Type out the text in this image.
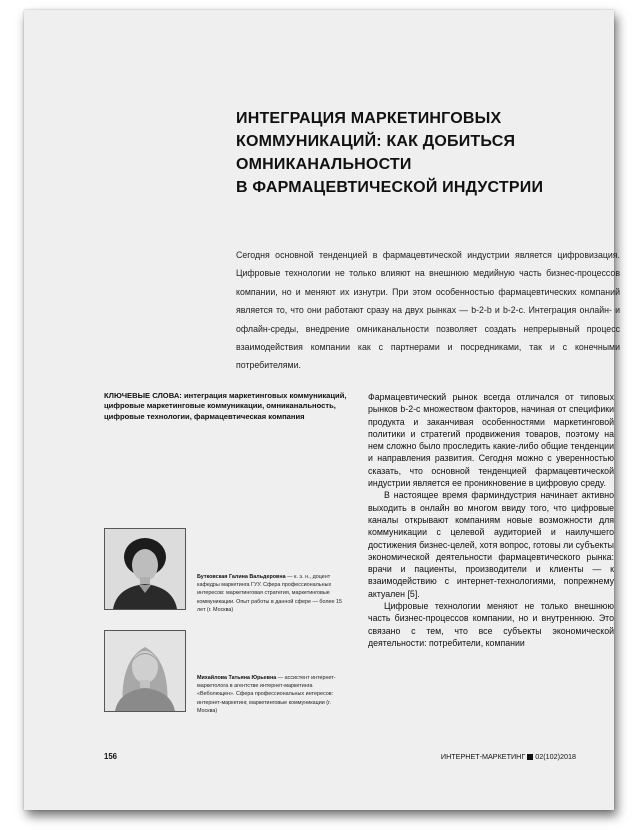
ИНТЕГРАЦИЯ МАРКЕТИНГОВЫХ
КОММУНИКАЦИЙ: КАК ДОБИТЬСЯ
ОМНИКАНАЛЬНОСТИ
В ФАРМАЦЕВТИЧЕСКОЙ ИНДУСТРИИ
Сегодня основной тенденцией в фармацевтической индустрии является цифровизация. Цифровые технологии не только влияют на внешнюю медийную часть бизнес-процессов компании, но и меняют их изнутри. При этом особенностью фармацевтических компаний является то, что они работают сразу на двух рынках — b-2-b и b-2-c. Интеграция онлайн- и офлайн-среды, внедрение омниканальности позволяет создать непрерывный процесс взаимодействия компании как с партнерами и посредниками, так и с конечными потребителями.
КЛЮЧЕВЫЕ СЛОВА: интеграция маркетинговых коммуникаций, цифровые маркетинговые коммуникации, омниканальность, цифровые технологии, фармацевтическая компания

Фармацевтический рынок всегда отличался от типовых рынков b-2-c множеством факторов, начиная от специфики продукта и заканчивая особенностями маркетинговой политики и стратегий продвижения товаров, поэтому на нем сложно было проследить какие-либо общие тенденции и направления развития. Сегодня можно с уверенностью сказать, что основной тенденцией фармацевтической индустрии является ее проникновение в цифровую среду.

В настоящее время фарминдустрия начинает активно выходить в онлайн во многом ввиду того, что цифровые каналы открывают компаниям новые возможности для коммуникации с целевой аудиторией и наилучшего достижения бизнес-целей, хотя вопрос, готовы ли субъекты экономической деятельности фармацевтического рынка: врачи и пациенты, производители и клиенты — к взаимодействию с интернет-технологиями, попрежнему актуален [5].

Цифровые технологии меняют не только внешнюю часть бизнес-процессов компании, но и внутреннюю. Это связано с тем, что все субъекты экономической деятельности: потребители, компании

Бутковская Галина Вальдеровна — к. э. н., доцент кафедры маркетинга ГУУ. Сфера профессиональных интересов: маркетинговая стратегия, маркетинговые коммуникации. Опыт работы в данной сфере — более 15 лет (г. Москва)
Михайлова Татьяна Юрьевна — ассистент интернет-маркетолога в агентстве интернет-маркетинга «Веболющен». Сфера профессиональных интересов: интернет-маркетинг, маркетинговые коммуникации (г. Москва)
156	ИНТЕРНЕТ-МАРКЕТИНГ 02(102)2018
